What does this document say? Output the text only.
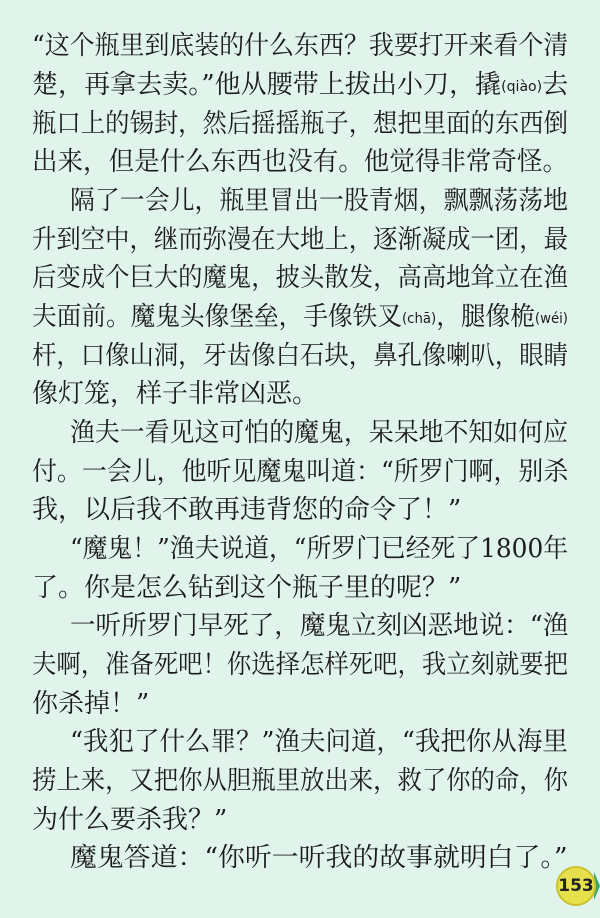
“这个瓶里到底装的什么东西？我要打开来看个清
楚，再拿去卖。”他从腰带上拔出小刀，撬(qiào)去
瓶口上的锡封，然后摇摇瓶子，想把里面的东西倒
出来，但是什么东西也没有。他觉得非常奇怪。
隔了一会儿，瓶里冒出一股青烟，飘飘荡荡地
升到空中，继而弥漫在大地上，逐渐凝成一团，最
后变成个巨大的魔鬼，披头散发，高高地耸立在渔
夫面前。魔鬼头像堡垒，手像铁叉(chā)，腿像桅(wéi)
杆，口像山洞，牙齿像白石块，鼻孔像喇叭，眼睛
像灯笼，样子非常凶恶。
渔夫一看见这可怕的魔鬼，呆呆地不知如何应
付。一会儿，他听见魔鬼叫道：“所罗门啊，别杀
我，以后我不敢再违背您的命令了！”
“魔鬼！”渔夫说道，“所罗门已经死了1800年
了。你是怎么钻到这个瓶子里的呢？”
一听所罗门早死了，魔鬼立刻凶恶地说：“渔
夫啊，准备死吧！你选择怎样死吧，我立刻就要把
你杀掉！”
“我犯了什么罪？”渔夫问道，“我把你从海里
捞上来，又把你从胆瓶里放出来，救了你的命，你
为什么要杀我？”
魔鬼答道：“你听一听我的故事就明白了。”
153
